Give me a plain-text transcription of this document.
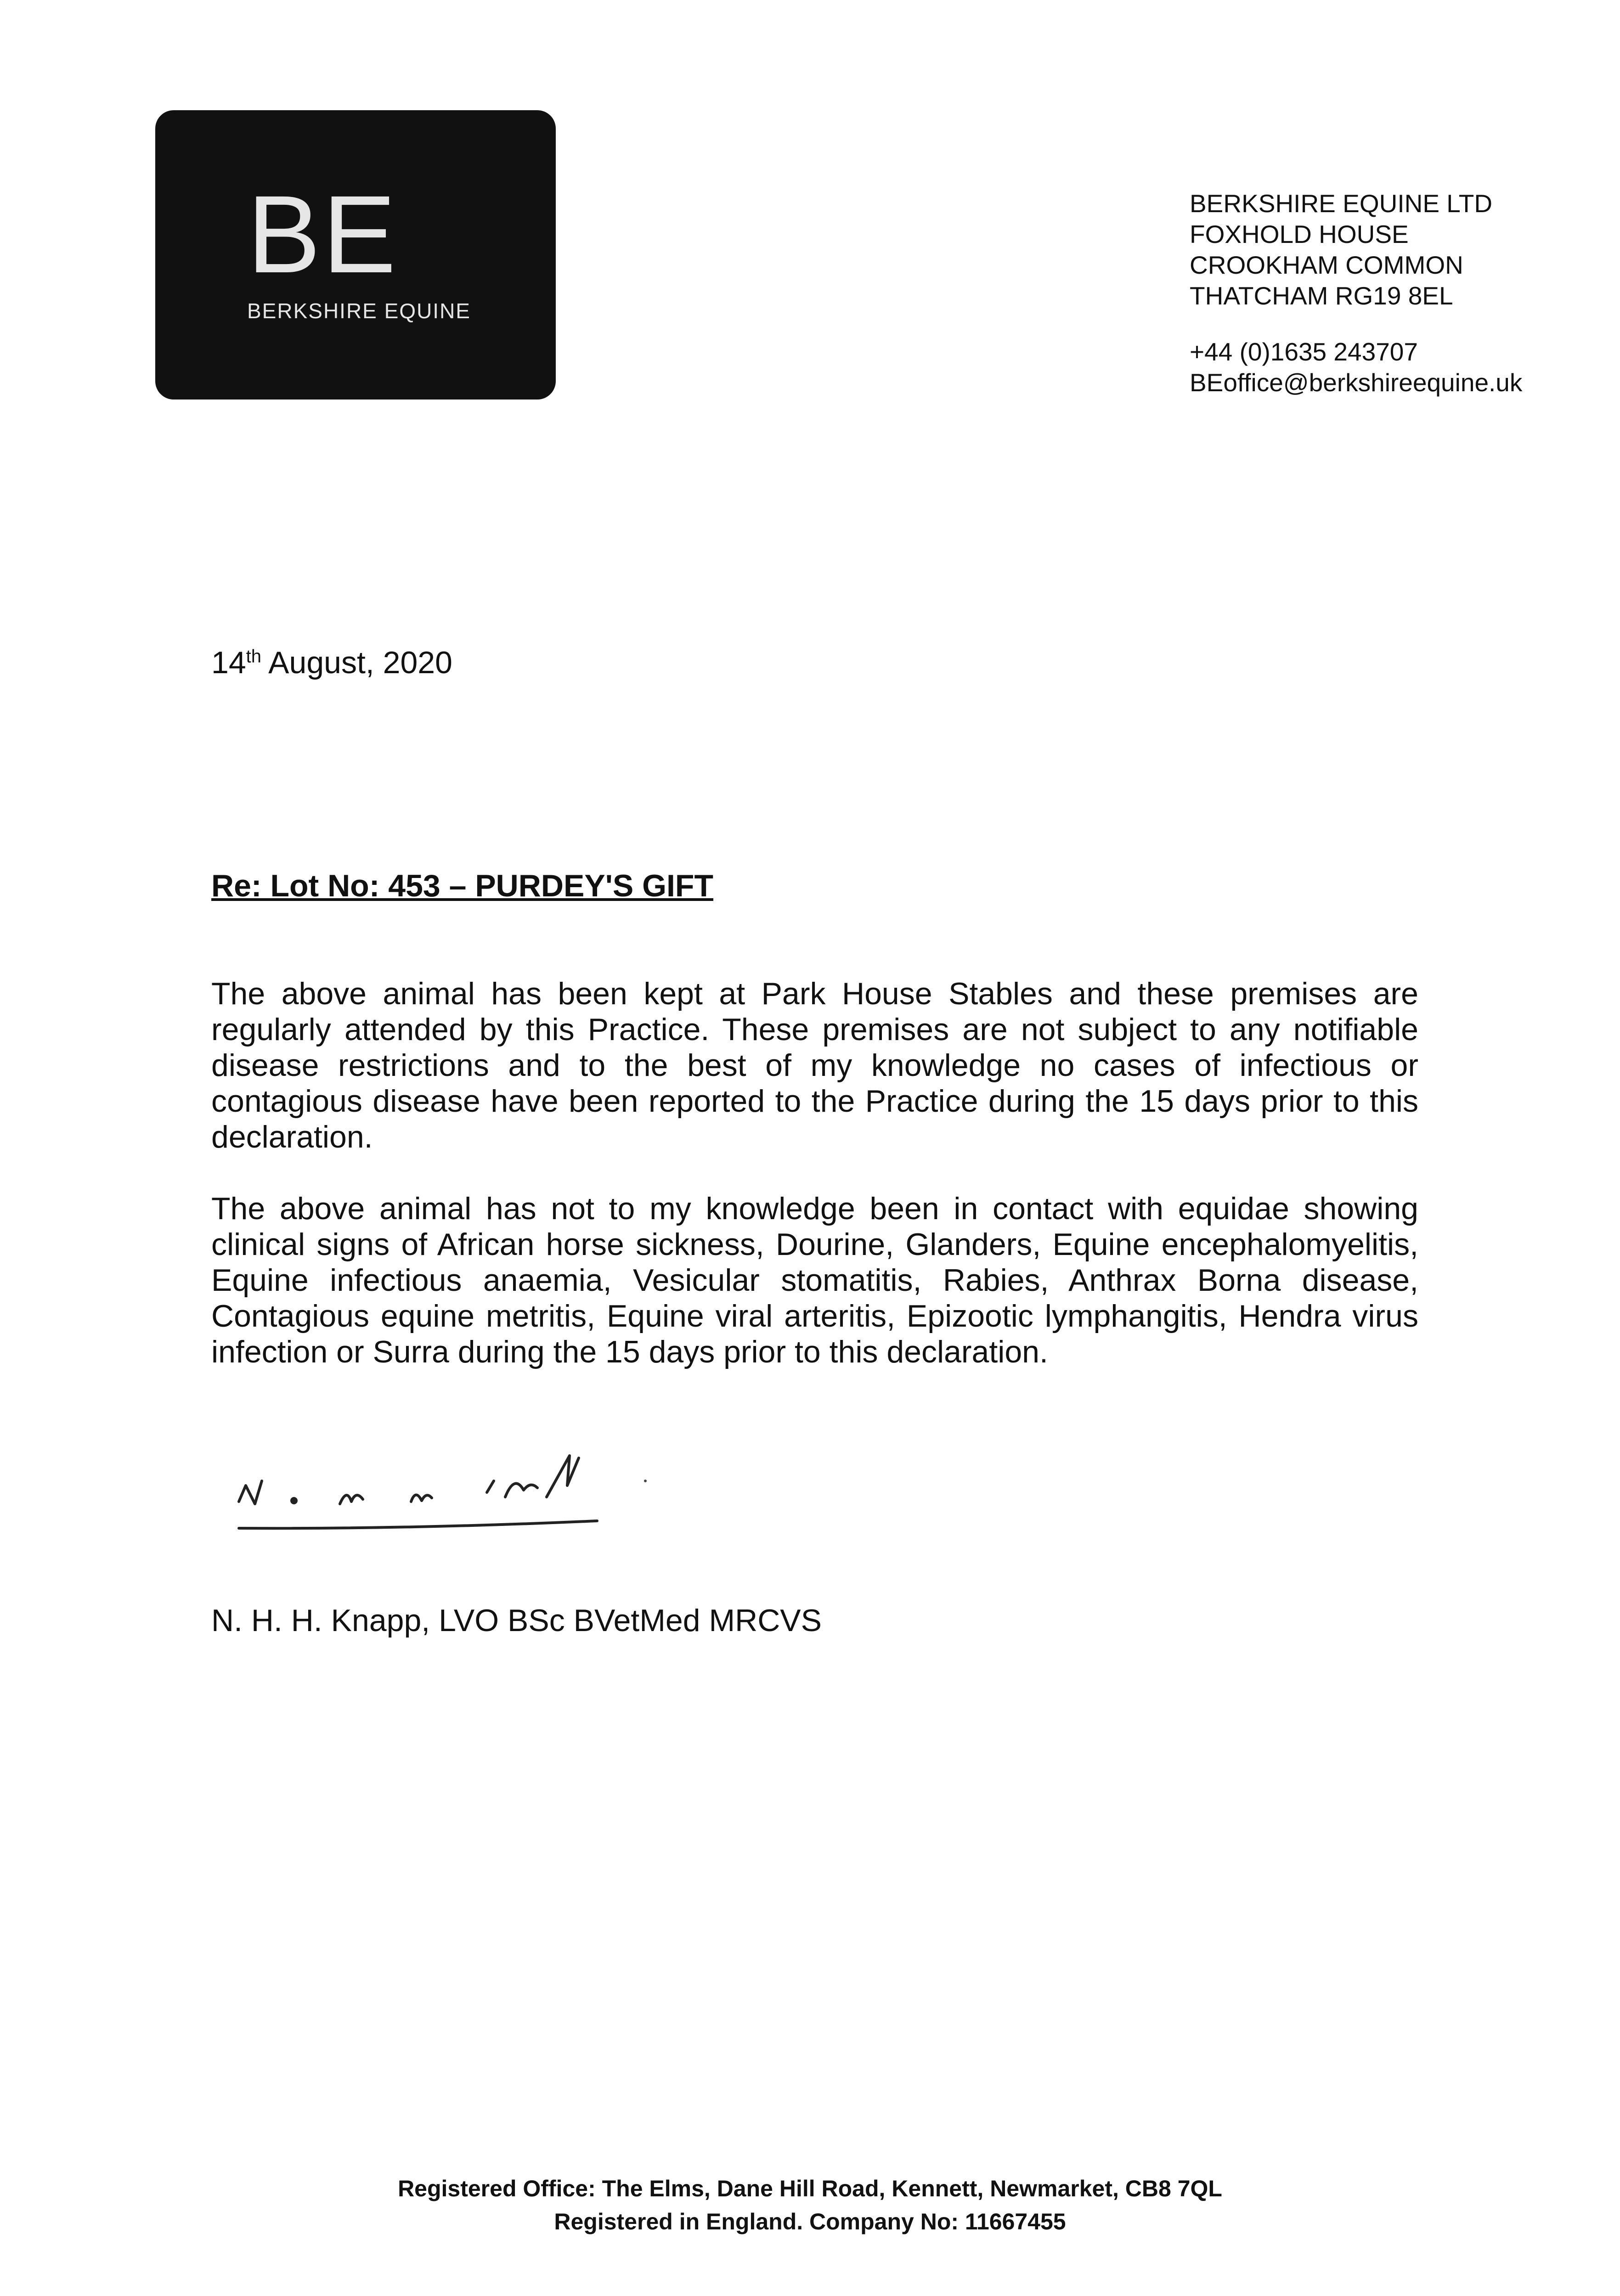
BE
BERKSHIRE EQUINE
BERKSHIRE EQUINE LTD
FOXHOLD HOUSE
CROOKHAM COMMON
THATCHAM RG19 8EL
+44 (0)1635 243707
BEoffice@berkshireequine.uk
14th August, 2020
Re: Lot No: 453 – PURDEY'S GIFT

The above animal has been kept at Park House Stables and these premises are regularly attended by this Practice. These premises are not subject to any notifiable disease restrictions and to the best of my knowledge no cases of infectious or contagious disease have been reported to the Practice during the 15 days prior to this declaration.

The above animal has not to my knowledge been in contact with equidae showing clinical signs of African horse sickness, Dourine, Glanders, Equine encephalomyelitis, Equine infectious anaemia, Vesicular stomatitis, Rabies, Anthrax Borna disease, Contagious equine metritis, Equine viral arteritis, Epizootic lymphangitis, Hendra virus infection or Surra during the 15 days prior to this declaration.

N. H. H. Knapp, LVO BSc BVetMed MRCVS
Registered Office: The Elms, Dane Hill Road, Kennett, Newmarket, CB8 7QL
Registered in England. Company No: 11667455
